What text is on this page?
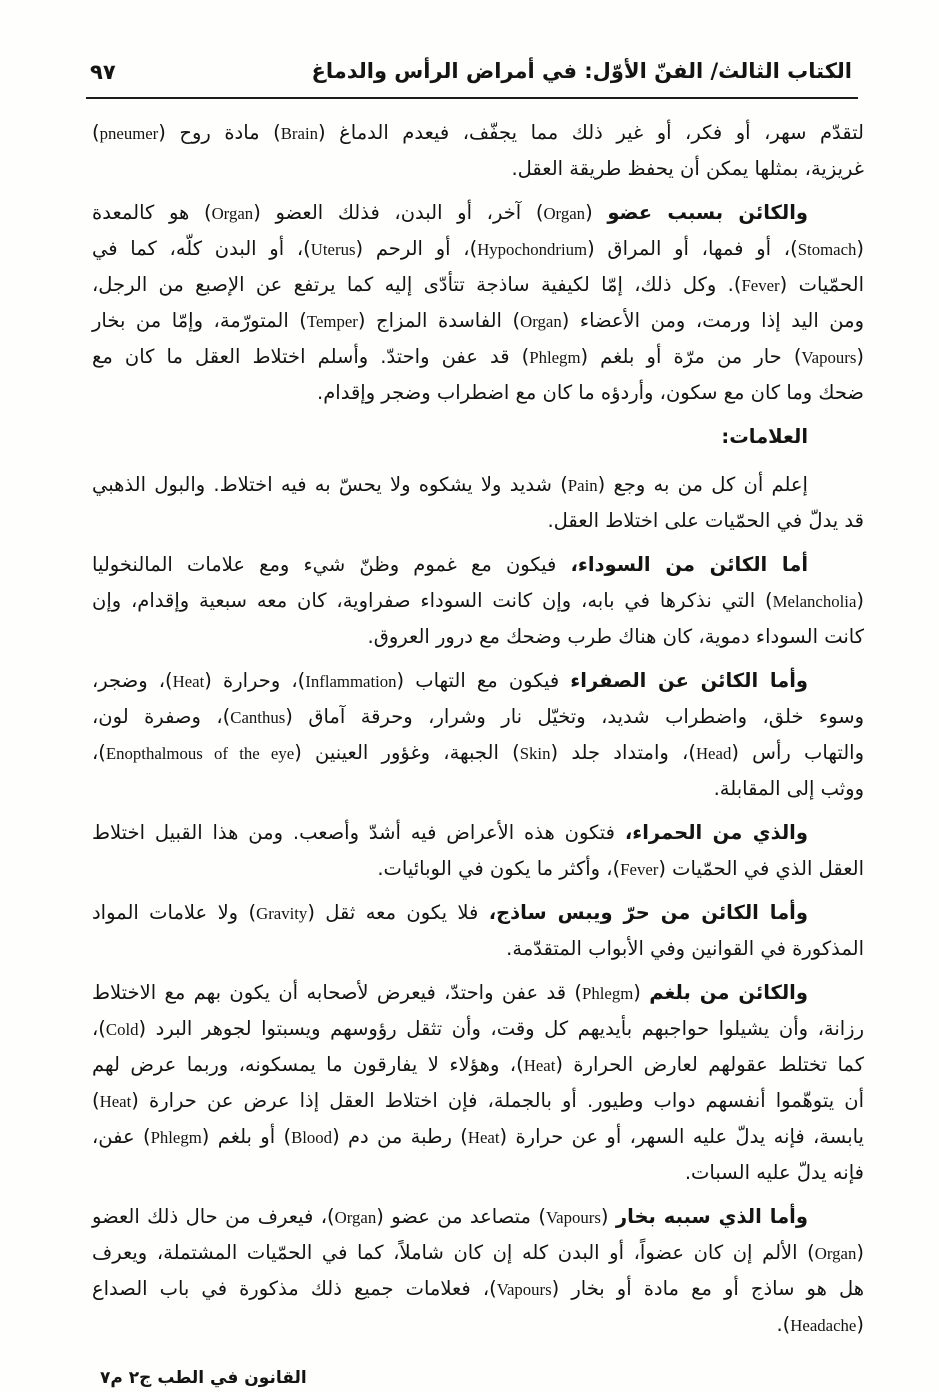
الكتاب الثالث/ الفنّ الأوّل: في أمراض الرأس والدماغ
٩٧
لتقدّم سهر، أو فكر، أو غير ذلك مما يجفّف، فيعدم الدماغ (Brain) مادة روح (pneumer)
غريزية، بمثلها يمكن أن يحفظ طريقة العقل.
والكائن بسبب عضو (Organ) آخر، أو البدن، فذلك العضو (Organ) هو كالمعدة
(Stomach)، أو فمها، أو المراق (Hypochondrium)، أو الرحم (Uterus)، أو البدن كلّه، كما في
الحمّيات (Fever). وكل ذلك، إمّا لكيفية ساذجة تتأدّى إليه كما يرتفع عن الإصبع من الرجل،
ومن اليد إذا ورمت، ومن الأعضاء (Organ) الفاسدة المزاج (Temper) المتورّمة، وإمّا من بخار
(Vapours) حار من مرّة أو بلغم (Phlegm) قد عفن واحتدّ. وأسلم اختلاط العقل ما كان مع
ضحك وما كان مع سكون، وأردؤه ما كان مع اضطراب وضجر وإقدام.
العلامات:
إعلم أن كل من به وجع (Pain) شديد ولا يشكوه ولا يحسّ به فيه اختلاط. والبول الذهبي
قد يدلّ في الحمّيات على اختلاط العقل.
أما الكائن من السوداء، فيكون مع غموم وظنّ شيء ومع علامات المالنخوليا
(Melancholia) التي نذكرها في بابه، وإن كانت السوداء صفراوية، كان معه سبعية وإقدام، وإن
كانت السوداء دموية، كان هناك طرب وضحك مع درور العروق.
وأما الكائن عن الصفراء فيكون مع التهاب (Inflammation)، وحرارة (Heat)، وضجر،
وسوء خلق، واضطراب شديد، وتخيّل نار وشرار، وحرقة آماق (Canthus)، وصفرة لون،
والتهاب رأس (Head)، وامتداد جلد (Skin) الجبهة، وغؤور العينين (Enopthalmous of the eye)،
ووثب إلى المقابلة.
والذي من الحمراء، فتكون هذه الأعراض فيه أشدّ وأصعب. ومن هذا القبيل اختلاط
العقل الذي في الحمّيات (Fever)، وأكثر ما يكون في الوبائيات.
وأما الكائن من حرّ ويبس ساذج، فلا يكون معه ثقل (Gravity) ولا علامات المواد
المذكورة في القوانين وفي الأبواب المتقدّمة.
والكائن من بلغم (Phlegm) قد عفن واحتدّ، فيعرض لأصحابه أن يكون بهم مع الاختلاط
رزانة، وأن يشيلوا حواجبهم بأيديهم كل وقت، وأن تثقل رؤوسهم ويسبتوا لجوهر البرد (Cold)،
كما تختلط عقولهم لعارض الحرارة (Heat)، وهؤلاء لا يفارقون ما يمسكونه، وربما عرض لهم
أن يتوهّموا أنفسهم دواب وطيور. أو بالجملة، فإن اختلاط العقل إذا عرض عن حرارة (Heat)
يابسة، فإنه يدلّ عليه السهر، أو عن حرارة (Heat) رطبة من دم (Blood) أو بلغم (Phlegm) عفن،
فإنه يدلّ عليه السبات.
وأما الذي سببه بخار (Vapours) متصاعد من عضو (Organ)، فيعرف من حال ذلك العضو
(Organ) الألم إن كان عضواً، أو البدن كله إن كان شاملاً، كما في الحمّيات المشتملة، ويعرف
هل هو ساذج أو مع مادة أو بخار (Vapours)، فعلامات جميع ذلك مذكورة في باب الصداع
(Headache).
القانون في الطب ج٢ م٧
